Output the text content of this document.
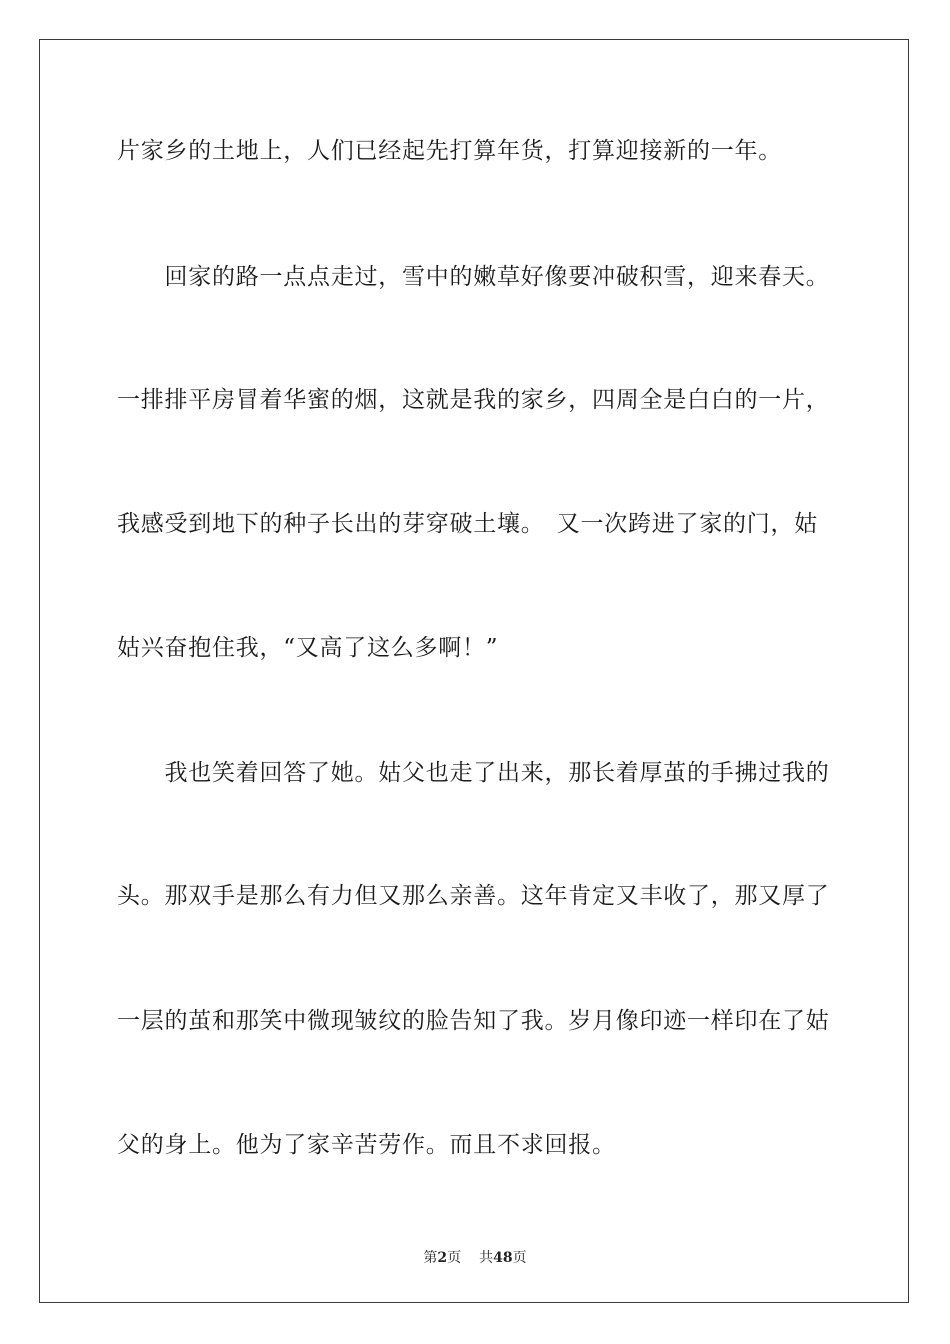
片家乡的土地上，人们已经起先打算年货，打算迎接新的一年。
　　回家的路一点点走过，雪中的嫩草好像要冲破积雪，迎来春天。
一排排平房冒着华蜜的烟，这就是我的家乡，四周全是白白的一片，
我感受到地下的种子长出的芽穿破土壤。　又一次跨进了家的门，姑
姑兴奋抱住我，“又高了这么多啊！”
　　我也笑着回答了她。姑父也走了出来，那长着厚茧的手拂过我的
头。那双手是那么有力但又那么亲善。这年肯定又丰收了，那又厚了
一层的茧和那笑中微现皱纹的脸告知了我。岁月像印迹一样印在了姑
父的身上。他为了家辛苦劳作。而且不求回报。
第2页 共48页
